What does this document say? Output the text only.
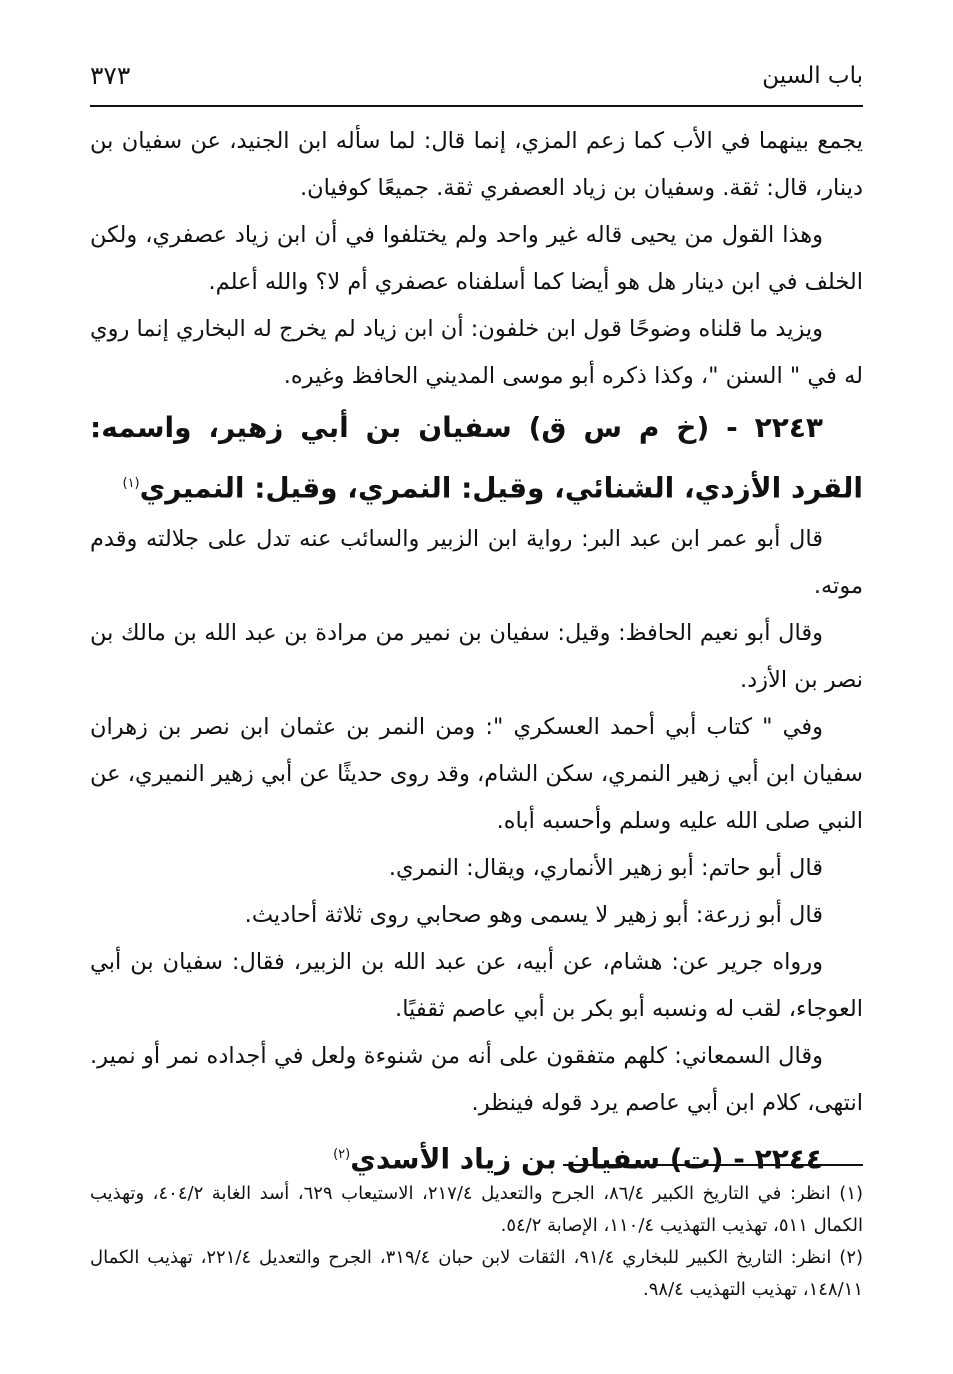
باب السين
٣٧٣

يجمع بينهما في الأب كما زعم المزي، إنما قال: لما سأله ابن الجنيد، عن سفيان بن دينار، قال: ثقة. وسفيان بن زياد العصفري ثقة. جميعًا كوفيان.

وهذا القول من يحيى قاله غير واحد ولم يختلفوا في أن ابن زياد عصفري، ولكن الخلف في ابن دينار هل هو أيضا كما أسلفناه عصفري أم لا؟ والله أعلم.

ويزيد ما قلناه وضوحًا قول ابن خلفون: أن ابن زياد لم يخرج له البخاري إنما روي له في " السنن "، وكذا ذكره أبو موسى المديني الحافظ وغيره.

٢٢٤٣ - (خ م س ق) سفيان بن أبي زهير، واسمه: القرد الأزدي، الشنائي، وقيل: النمري، وقيل: النميري$^{(١)}$

قال أبو عمر ابن عبد البر: رواية ابن الزبير والسائب عنه تدل على جلالته وقدم موته.

وقال أبو نعيم الحافظ: وقيل: سفيان بن نمير من مرادة بن عبد الله بن مالك بن نصر بن الأزد.

وفي " كتاب أبي أحمد العسكري ": ومن النمر بن عثمان ابن نصر بن زهران سفيان ابن أبي زهير النمري، سكن الشام، وقد روى حديثًا عن أبي زهير النميري، عن النبي صلى الله عليه وسلم وأحسبه أباه.

قال أبو حاتم: أبو زهير الأنماري، ويقال: النمري.

قال أبو زرعة: أبو زهير لا يسمى وهو صحابي روى ثلاثة أحاديث.

ورواه جرير عن: هشام، عن أبيه، عن عبد الله بن الزبير، فقال: سفيان بن أبي العوجاء، لقب له ونسبه أبو بكر بن أبي عاصم ثقفيًا.

وقال السمعاني: كلهم متفقون على أنه من شنوءة ولعل في أجداده نمر أو نمير. انتهى، كلام ابن أبي عاصم يرد قوله فينظر.

٢٢٤٤ - (ت) سفيان بن زياد الأسدي$^{(٢)}$

(١) انظر: في التاريخ الكبير ٨٦/٤، الجرح والتعديل ٢١٧/٤، الاستيعاب ٦٢٩، أسد الغابة ٤٠٤/٢، وتهذيب الكمال ٥١١، تهذيب التهذيب ١١٠/٤، الإصابة ٥٤/٢.

(٢) انظر: التاريخ الكبير للبخاري ٩١/٤، الثقات لابن حبان ٣١٩/٤، الجرح والتعديل ٢٢١/٤، تهذيب الكمال ١٤٨/١١، تهذيب التهذيب ٩٨/٤.
